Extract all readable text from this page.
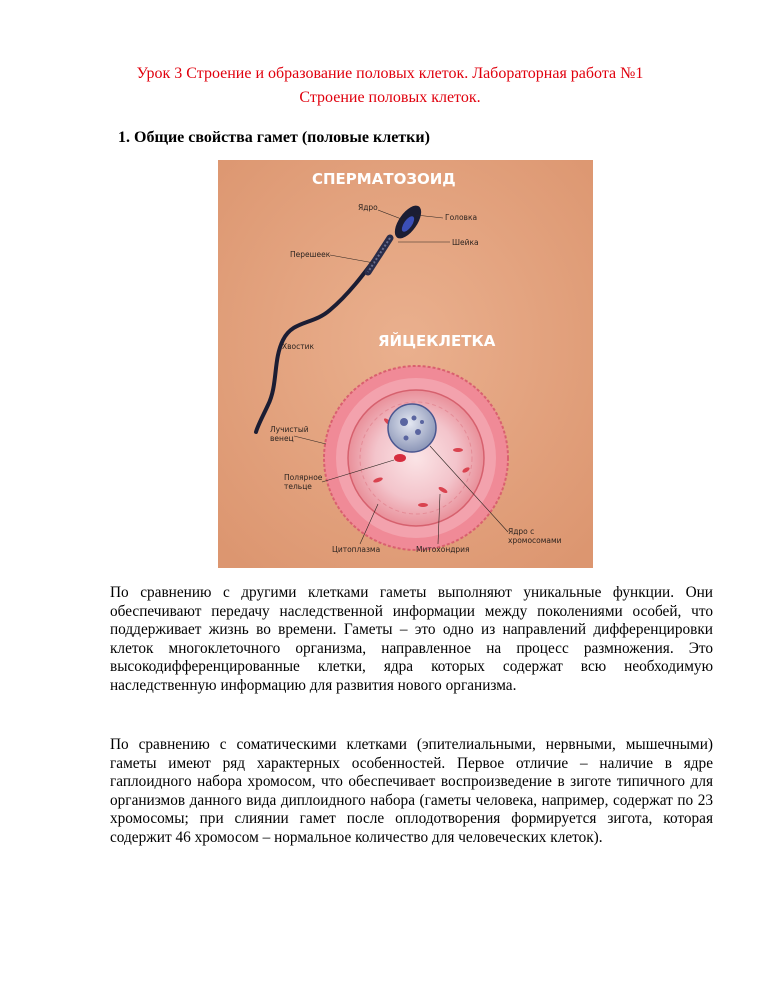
Урок 3 Строение и образование половых клеток. Лабораторная работа №1
Строение половых клеток.
1. Общие свойства гамет (половые клетки)
СПЕРМАТОЗОИД
Ядро
Головка
Шейка
Перешеек
Хвостик	ЯЙЦЕКЛЕТКА
Лучистый
венец
Полярное
тельце
Цитоплазма	Митохондрия
Ядро с
хромосомами

По сравнению с другими клетками гаметы выполняют уникальные функции. Они обеспечивают передачу наследственной информации между поколениями особей, что поддерживает жизнь во времени. Гаметы – это одно из направлений дифференцировки клеток многоклеточного организма, направленное на процесс размножения. Это высокодифференцированные клетки, ядра которых содержат всю необходимую наследственную информацию для развития нового организма.

По сравнению с соматическими клетками (эпителиальными, нервными, мышечными) гаметы имеют ряд характерных особенностей. Первое отличие – наличие в ядре гаплоидного набора хромосом, что обеспечивает воспроизведение в зиготе типичного для организмов данного вида диплоидного набора (гаметы человека, например, содержат по 23 хромосомы; при слиянии гамет после оплодотворения формируется зигота, которая содержит 46 хромосом – нормальное количество для человеческих клеток).
